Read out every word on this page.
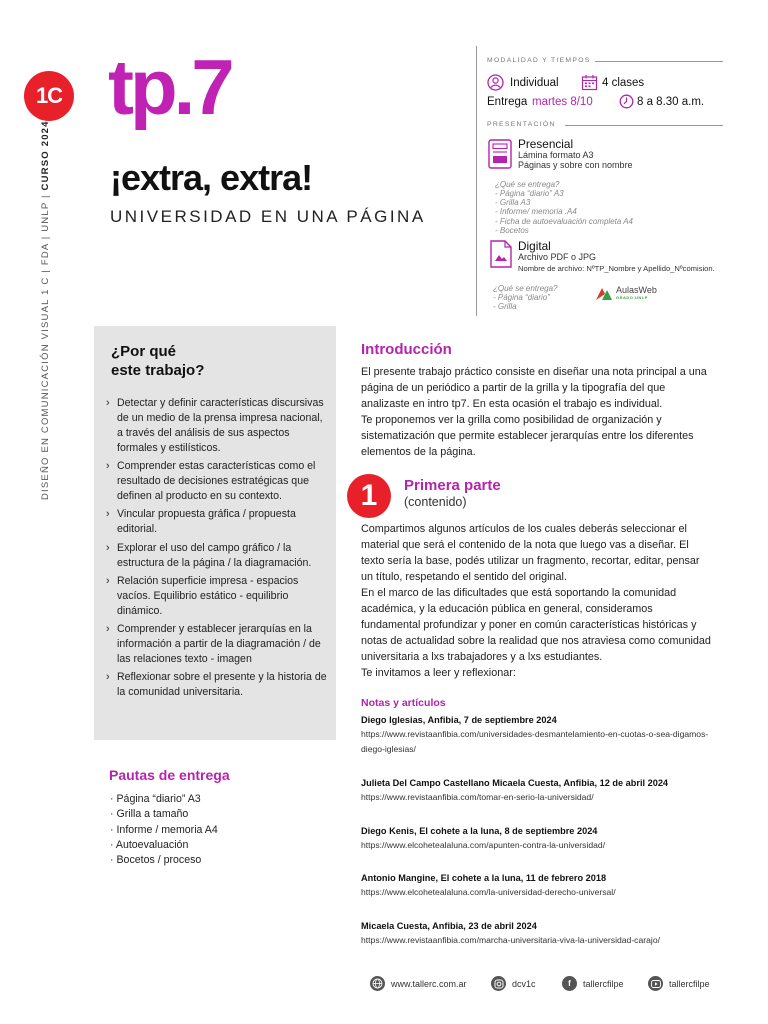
1C tp.7
¡extra, extra!
UNIVERSIDAD EN UNA PÁGINA
DISEÑO EN COMUNICACIÓN VISUAL 1 C | FDA | UNLP | CURSO 2024
MODALIDAD Y TIEMPOS
Individual	4 clases
Entrega martes 8/10	8 a 8.30 a.m.
PRESENTACIÓN
Presencial
Lámina formato A3
Páginas y sobre con nombre
¿Qué se entrega?
- Página “diario” A3
- Grilla A3
- Informe/ memoria .A4
- Ficha de autoevaluación completa A4
- Bocetos
Digital
Archivo PDF o JPG
Nombre de archivo: NºTP_Nombre y Apellido_Nºcomision.
¿Qué se entrega?
- Página “diario”
- Grilla
AulasWeb
GRADO UNLP
¿Por qué
este trabajo?
› Detectar y definir características discursivas de un medio de la prensa impresa nacional, a través del análisis de sus aspectos formales y estilísticos.
› Comprender estas características como el resultado de decisiones estratégicas que definen al producto en su contexto.
› Vincular propuesta gráfica / propuesta editorial.
› Explorar el uso del campo gráfico / la estructura de la página / la diagramación.
› Relación superficie impresa - espacios vacíos. Equilibrio estático - equilibrio dinámico.
› Comprender y establecer jerarquías en la información a partir de la diagramación / de las relaciones texto - imagen
› Reflexionar sobre el presente y la historia de la comunidad universitaria.
Pautas de entrega
· Página “diario” A3
· Grilla a tamaño
· Informe / memoria A4
· Autoevaluación
· Bocetos / proceso
Introducción
El presente trabajo práctico consiste en diseñar una nota principal a una página de un periódico a partir de la grilla y la tipografía del que analizaste en intro tp7. En esta ocasión el trabajo es individual.
Te proponemos ver la grilla como posibilidad de organización y sistematización que permite establecer jerarquías entre los diferentes elementos de la página.
1	Primera parte
(contenido)
Compartimos algunos artículos de los cuales deberás seleccionar el material que será el contenido de la nota que luego vas a diseñar. El texto sería la base, podés utilizar un fragmento, recortar, editar, pensar un título, respetando el sentido del original.
En el marco de las dificultades que está soportando la comunidad académica, y la educación pública en general, consideramos fundamental profundizar y poner en común características históricas y notas de actualidad sobre la realidad que nos atraviesa como comunidad universitaria a lxs trabajadores y a lxs estudiantes.
Te invitamos a leer y reflexionar:
Notas y artículos
Diego Iglesias, Anfibia, 7 de septiembre 2024
https://www.revistaanfibia.com/universidades-desmantelamiento-en-cuotas-o-sea-digamos-diego-iglesias/
Julieta Del Campo Castellano Micaela Cuesta, Anfibia, 12 de abril 2024
https://www.revistaanfibia.com/tomar-en-serio-la-universidad/
Diego Kenis, El cohete a la luna, 8 de septiembre 2024
https://www.elcohetealaluna.com/apunten-contra-la-universidad/
Antonio Mangine, El cohete a la luna, 11 de febrero 2018
https://www.elcohetealaluna.com/la-universidad-derecho-universal/
Micaela Cuesta, Anfibia, 23 de abril 2024
https://www.revistaanfibia.com/marcha-universitaria-viva-la-universidad-carajo/
www.tallerc.com.ar	dcv1c	f	tallercfilpe	tallercfilpe
